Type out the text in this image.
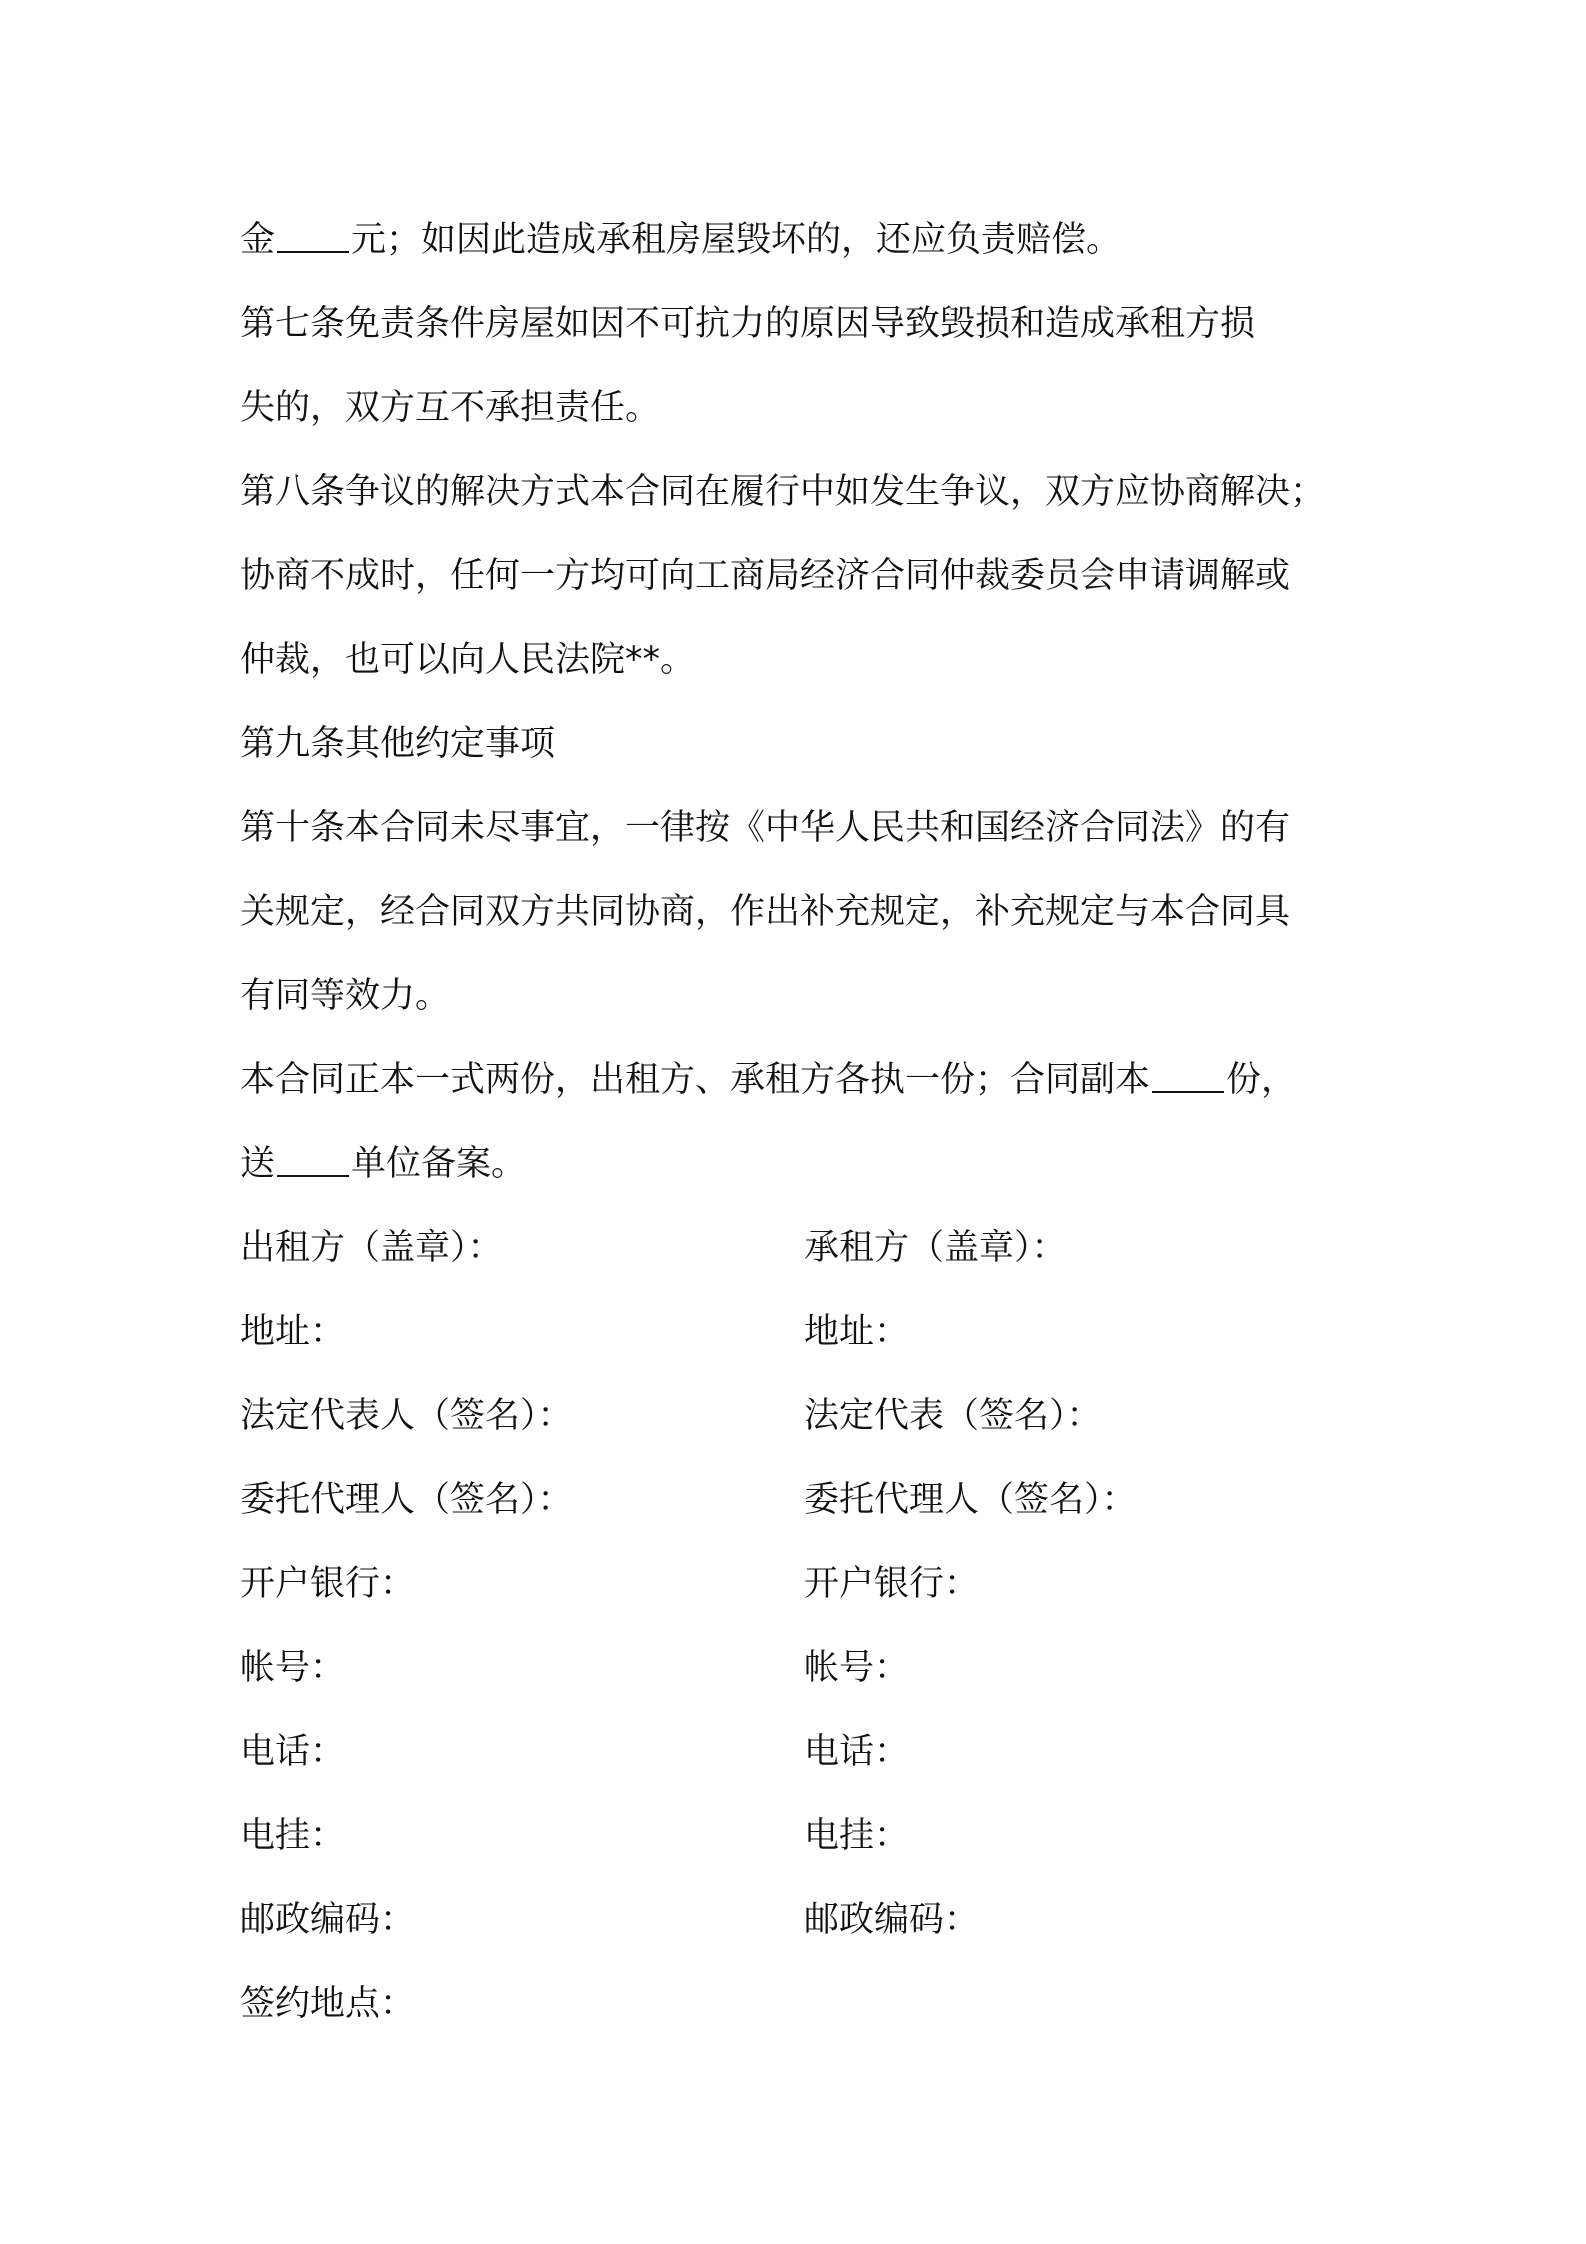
金 元；如因此造成承租房屋毁坏的，还应负责赔偿。
第七条免责条件房屋如因不可抗力的原因导致毁损和造成承租方损
失的，双方互不承担责任。
第八条争议的解决方式本合同在履行中如发生争议，双方应协商解决；
协商不成时，任何一方均可向工商局经济合同仲裁委员会申请调解或
仲裁，也可以向人民法院**。
第九条其他约定事项
第十条本合同未尽事宜，一律按《中华人民共和国经济合同法》的有
关规定，经合同双方共同协商，作出补充规定，补充规定与本合同具
有同等效力。
本合同正本一式两份，出租方、承租方各执一份；合同副本 份，
送 单位备案。
出租方（盖章）：	承租方（盖章）：
地址：	地址：
法定代表人（签名）：	法定代表（签名）：
委托代理人（签名）：	委托代理人（签名）：
开户银行：	开户银行：
帐号：	帐号：
电话：	电话：
电挂：	电挂：
邮政编码：	邮政编码：
签约地点：
